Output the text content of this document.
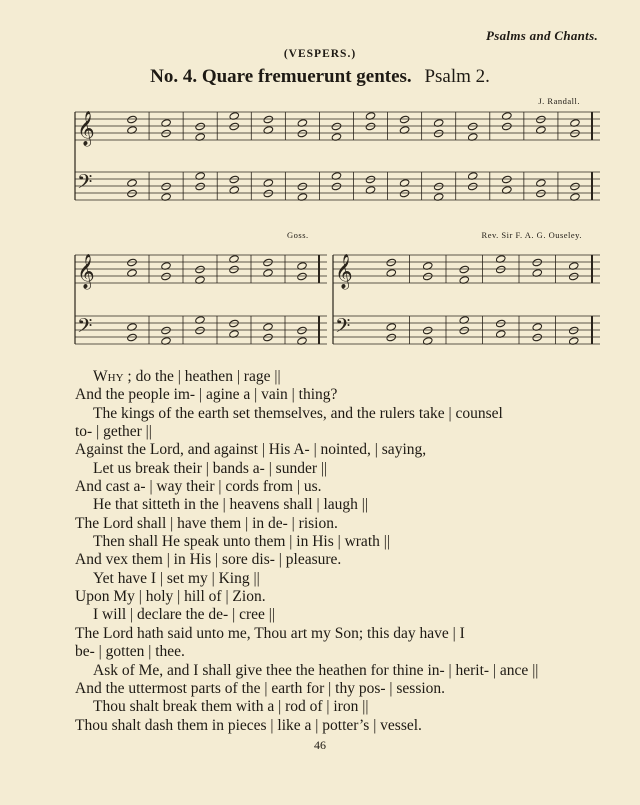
Psalms and Chants.
(VESPERS.)
No. 4. Quare fremuerunt gentes. Psalm 2.
J. Randall.
Goss.	Rev. Sir F. A. G. Ouseley.
𝄞
𝄢
𝄞
𝄢
𝄞
𝄢
Why ; do the | heathen | rage ||
And the people im- | agine a | vain | thing?
The kings of the earth set themselves, and the rulers take | counsel
to- | gether ||
Against the Lord, and against | His A- | nointed, | saying,
Let us break their | bands a- | sunder ||
And cast a- | way their | cords from | us.
He that sitteth in the | heavens shall | laugh ||
The Lord shall | have them | in de- | rision.
Then shall He speak unto them | in His | wrath ||
And vex them | in His | sore dis- | pleasure.
Yet have I | set my | King ||
Upon My | holy | hill of | Zion.
I will | declare the de- | cree ||
The Lord hath said unto me, Thou art my Son; this day have | I
be- | gotten | thee.
Ask of Me, and I shall give thee the heathen for thine in- | herit- | ance ||
And the uttermost parts of the | earth for | thy pos- | session.
Thou shalt break them with a | rod of | iron ||
Thou shalt dash them in pieces | like a | potter’s | vessel.
46
